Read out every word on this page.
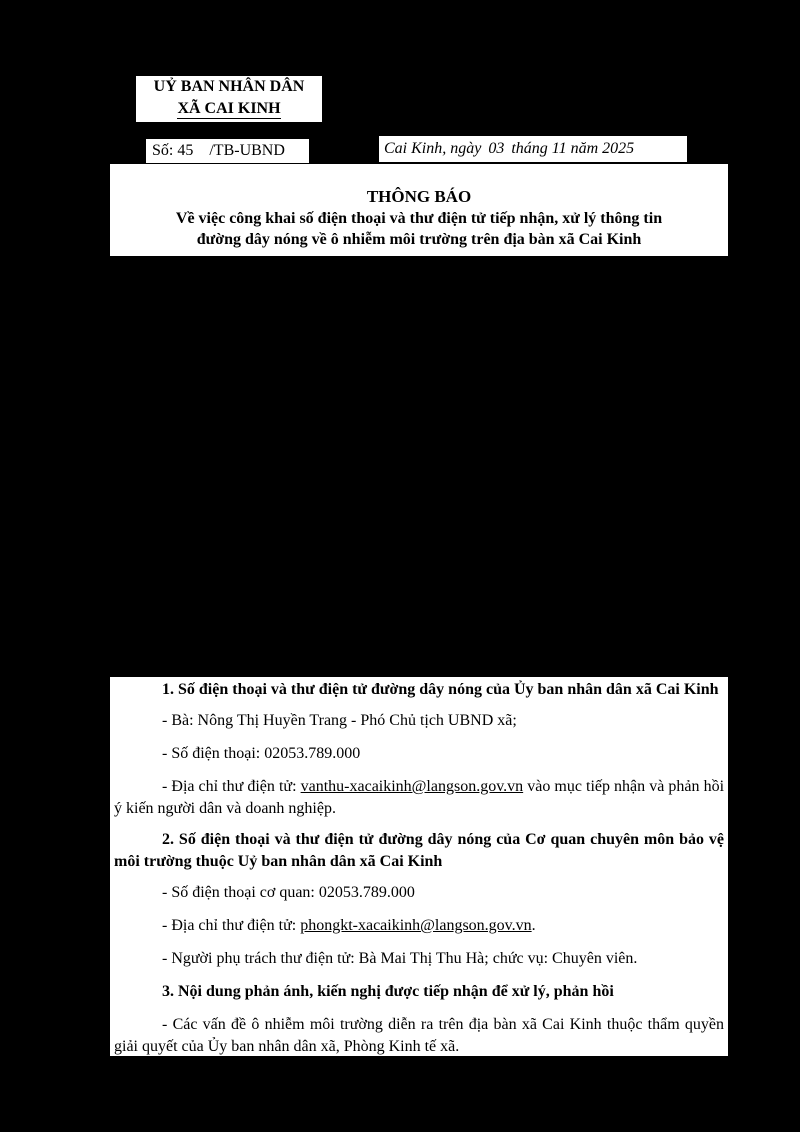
UỶ BAN NHÂN DÂN
XÃ CAI KINH
Số: 45 /TB-UBND	Cai Kinh, ngày 03 tháng 11 năm 2025
THÔNG BÁO
Về việc công khai số điện thoại và thư điện tử tiếp nhận, xử lý thông tin
đường dây nóng về ô nhiễm môi trường trên địa bàn xã Cai Kinh

1. Số điện thoại và thư điện tử đường dây nóng của Ủy ban nhân dân xã Cai Kinh

- Bà: Nông Thị Huyền Trang - Phó Chủ tịch UBND xã;

- Số điện thoại: 02053.789.000

- Địa chỉ thư điện tử: vanthu-xacaikinh@langson.gov.vn vào mục tiếp nhận và phản hồi ý kiến người dân và doanh nghiệp.

2. Số điện thoại và thư điện tử đường dây nóng của Cơ quan chuyên môn bảo vệ môi trường thuộc Uỷ ban nhân dân xã Cai Kinh

- Số điện thoại cơ quan: 02053.789.000

- Địa chỉ thư điện tử: phongkt-xacaikinh@langson.gov.vn.

- Người phụ trách thư điện tử: Bà Mai Thị Thu Hà; chức vụ: Chuyên viên.

3. Nội dung phản ánh, kiến nghị được tiếp nhận để xử lý, phản hồi

- Các vấn đề ô nhiễm môi trường diễn ra trên địa bàn xã Cai Kinh thuộc thẩm quyền giải quyết của Ủy ban nhân dân xã, Phòng Kinh tế xã.
